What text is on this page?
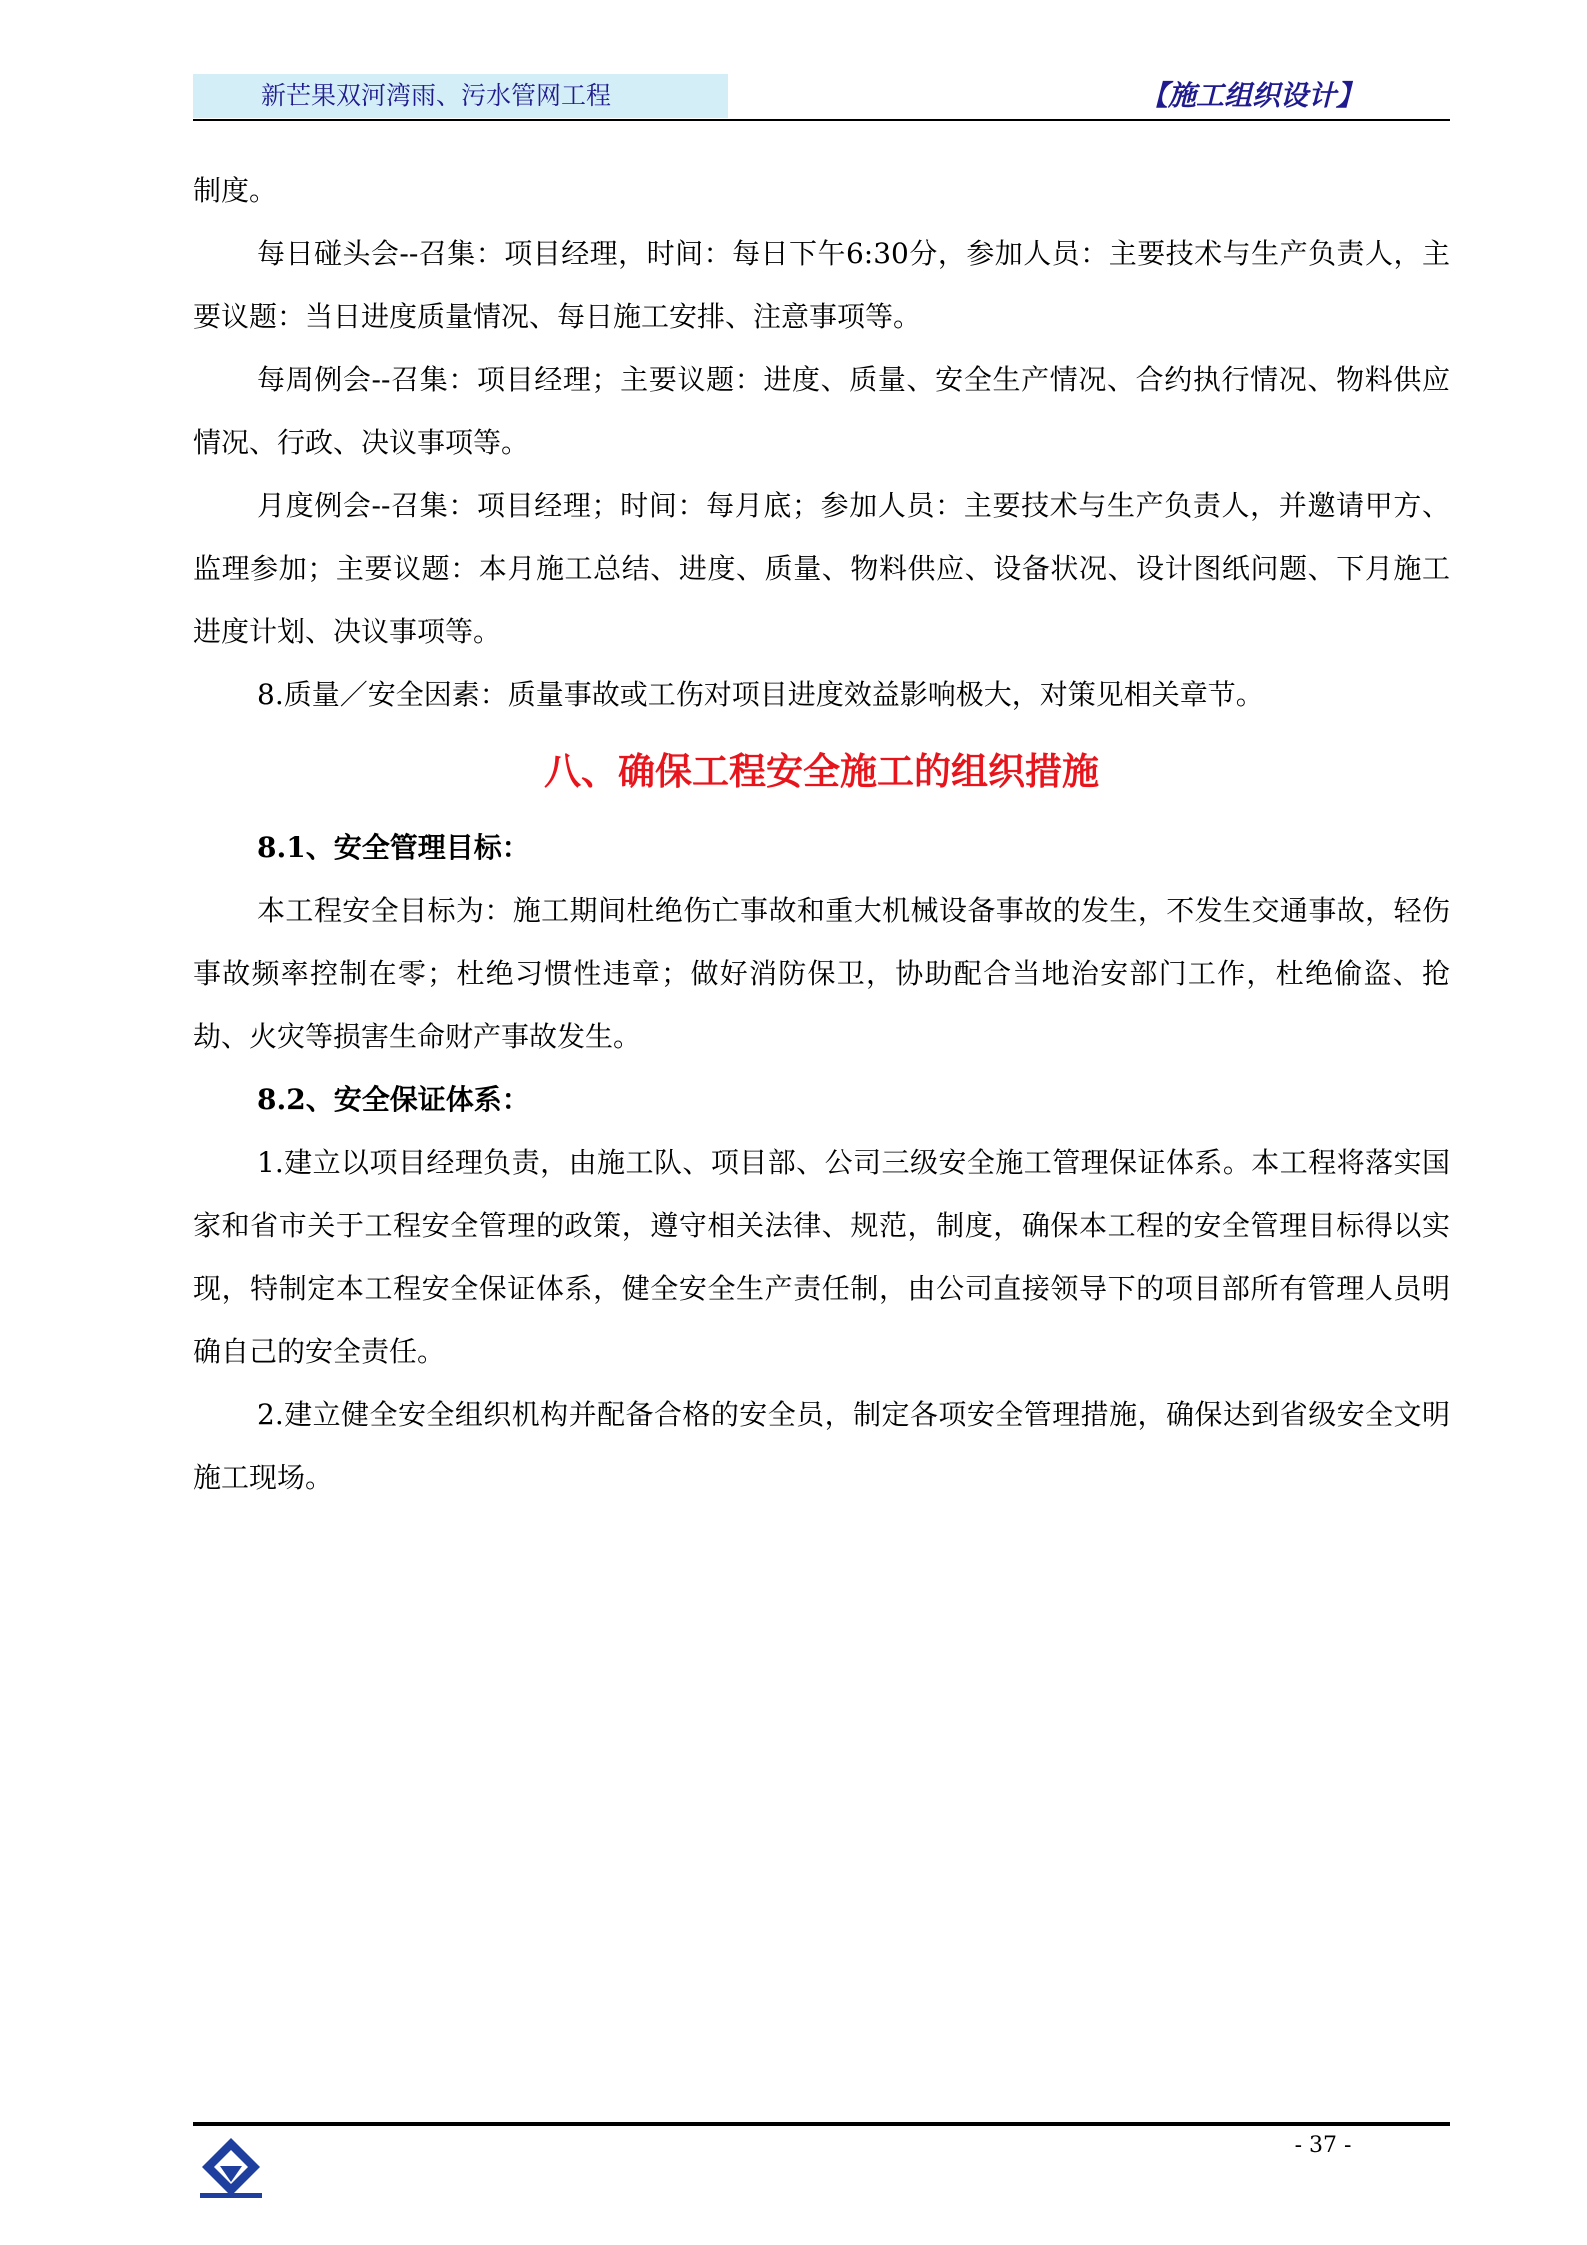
新芒果双河湾雨、污水管网工程	【施工组织设计】

制度。

每日碰头会--召集：项目经理，时间：每日下午6:30分，参加人员：主要技术与生产负责人，主要议题：当日进度质量情况、每日施工安排、注意事项等。

每周例会--召集：项目经理；主要议题：进度、质量、安全生产情况、合约执行情况、物料供应情况、行政、决议事项等。

月度例会--召集：项目经理；时间：每月底；参加人员：主要技术与生产负责人，并邀请甲方、监理参加；主要议题：本月施工总结、进度、质量、物料供应、设备状况、设计图纸问题、下月施工进度计划、决议事项等。

8.质量／安全因素：质量事故或工伤对项目进度效益影响极大，对策见相关章节。

八、确保工程安全施工的组织措施

8.1、安全管理目标：

本工程安全目标为：施工期间杜绝伤亡事故和重大机械设备事故的发生，不发生交通事故，轻伤事故频率控制在零；杜绝习惯性违章；做好消防保卫，协助配合当地治安部门工作，杜绝偷盗、抢劫、火灾等损害生命财产事故发生。

8.2、安全保证体系：

1.建立以项目经理负责，由施工队、项目部、公司三级安全施工管理保证体系。本工程将落实国家和省市关于工程安全管理的政策，遵守相关法律、规范，制度，确保本工程的安全管理目标得以实现，特制定本工程安全保证体系，健全安全生产责任制，由公司直接领导下的项目部所有管理人员明确自己的安全责任。

2.建立健全安全组织机构并配备合格的安全员，制定各项安全管理措施，确保达到省级安全文明施工现场。

- 37 -
